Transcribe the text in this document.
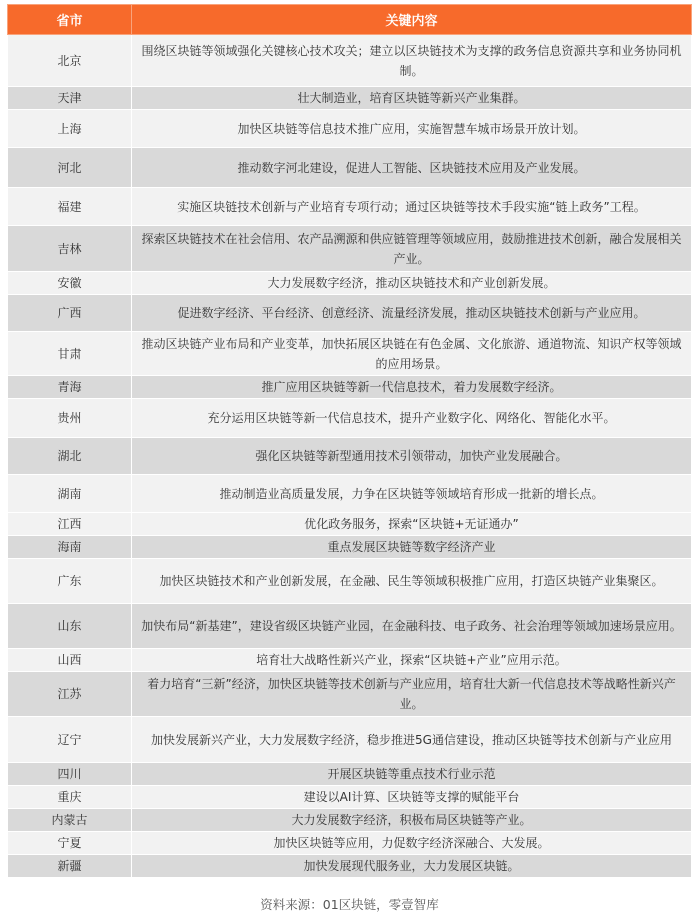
省市	关键内容
北京	围绕区块链等领域强化关键核心技术攻关；建立以区块链技术为支撑的政务信息资源共享和业务协同机制。
天津	壮大制造业，培育区块链等新兴产业集群。
上海	加快区块链等信息技术推广应用，实施智慧车城市场景开放计划。
河北	推动数字河北建设，促进人工智能、区块链技术应用及产业发展。
福建	实施区块链技术创新与产业培育专项行动；通过区块链等技术手段实施“链上政务”工程。
吉林	探索区块链技术在社会信用、农产品溯源和供应链管理等领域应用，鼓励推进技术创新，融合发展相关产业。
安徽	大力发展数字经济，推动区块链技术和产业创新发展。
广西	促进数字经济、平台经济、创意经济、流量经济发展，推动区块链技术创新与产业应用。
甘肃	推动区块链产业布局和产业变革，加快拓展区块链在有色金属、文化旅游、通道物流、知识产权等领域的应用场景。
青海	推广应用区块链等新一代信息技术，着力发展数字经济。
贵州	充分运用区块链等新一代信息技术，提升产业数字化、网络化、智能化水平。
湖北	强化区块链等新型通用技术引领带动，加快产业发展融合。
湖南	推动制造业高质量发展，力争在区块链等领域培育形成一批新的增长点。
江西	优化政务服务，探索“区块链+无证通办”
海南	重点发展区块链等数字经济产业
广东	加快区块链技术和产业创新发展，在金融、民生等领域积极推广应用，打造区块链产业集聚区。
山东	加快布局“新基建”，建设省级区块链产业园，在金融科技、电子政务、社会治理等领域加速场景应用。
山西	培育壮大战略性新兴产业，探索“区块链+产业”应用示范。
江苏	着力培育“三新”经济，加快区块链等技术创新与产业应用，培育壮大新一代信息技术等战略性新兴产业。
辽宁	加快发展新兴产业，大力发展数字经济，稳步推进5G通信建设，推动区块链等技术创新与产业应用
四川	开展区块链等重点技术行业示范
重庆	建设以AI计算、区块链等支撑的赋能平台
内蒙古	大力发展数字经济，积极布局区块链等产业。
宁夏	加快区块链等应用，力促数字经济深融合、大发展。
新疆	加快发展现代服务业，大力发展区块链。
资料来源：01区块链，零壹智库
